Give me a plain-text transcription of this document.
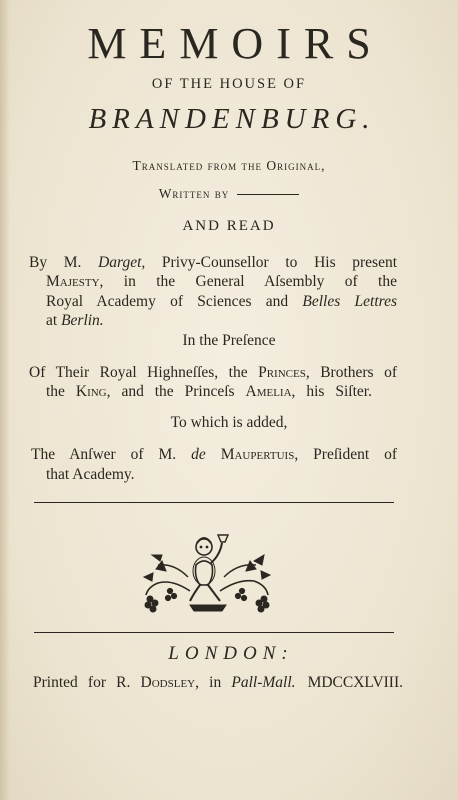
MEMOIRS
OF THE HOUSE OF
BRANDENBURG.
Translated from the Original,
Written by
AND READ
By M. Darget, Privy-Counsellor to His present
Majesty, in the General Aſsembly of the
Royal Academy of Sciences and Belles Lettres
at Berlin.
In the Preſence
Of Their Royal Highneſſes, the Princes, Brothers of
the King, and the Princeſs Amelia, his Siſter.
To which is added,
The Anſwer of M. de Maupertuis, Preſident of
that Academy.
LONDON:
Printed for R. Dodsley, in Pall-Mall. MDCCXLVIII.
